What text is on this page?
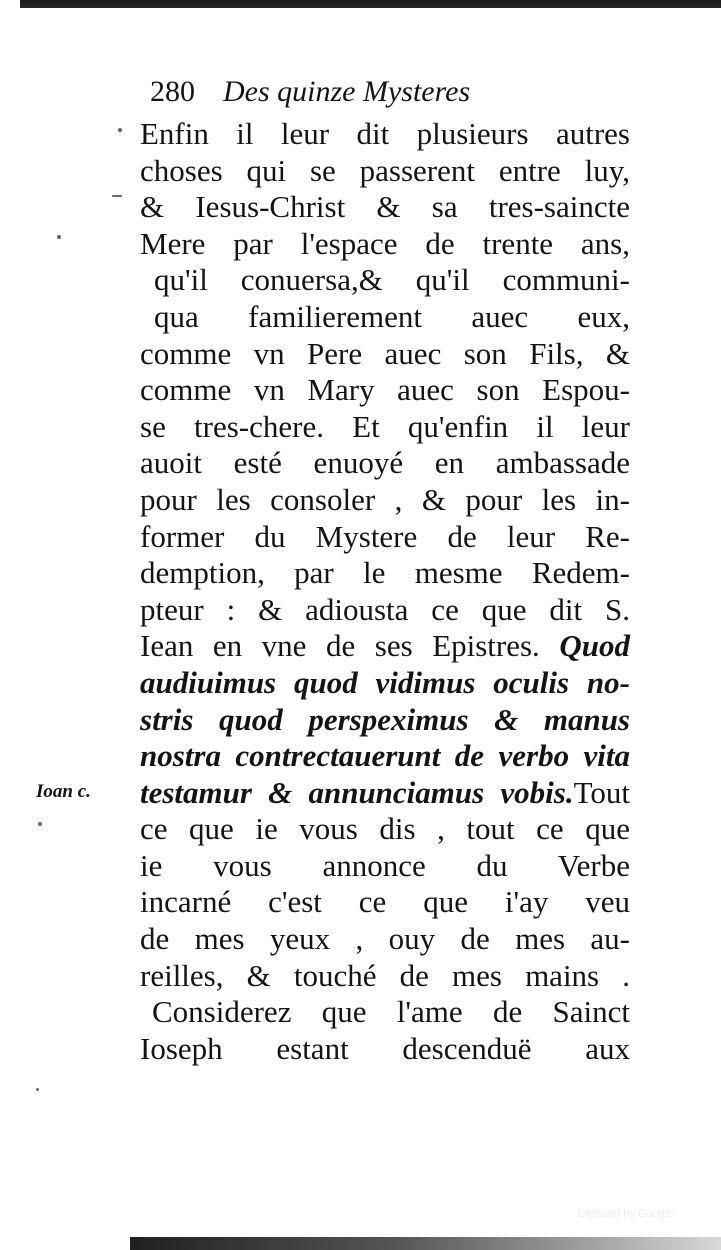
280 Des quinze Mysteres
Ioan c.
Enfin il leur dit plusieurs autres
choses qui se passerent entre luy,
& Iesus-Christ & sa tres-saincte
Mere par l'espace de trente ans,
qu'il conuersa,& qu'il communi-
qua familierement auec eux,
comme vn Pere auec son Fils, &
comme vn Mary auec son Espou-
se tres-chere. Et qu'enfin il leur
auoit esté enuoyé en ambassade
pour les consoler , & pour les in-
former du Mystere de leur Re-
demption, par le mesme Redem-
pteur : & adiousta ce que dit S.
Iean en vne de ses Epistres. Quod
audiuimus quod vidimus oculis no-
stris quod perspeximus & manus
nostra contrectauerunt de verbo vita
testamur & annunciamus vobis.Tout
ce que ie vous dis , tout ce que
ie vous annonce du Verbe
incarné c'est ce que i'ay veu
de mes yeux , ouy de mes au-
reilles, & touché de mes mains .
Considerez que l'ame de Sainct
Ioseph estant descenduë aux
Digitized by Google
